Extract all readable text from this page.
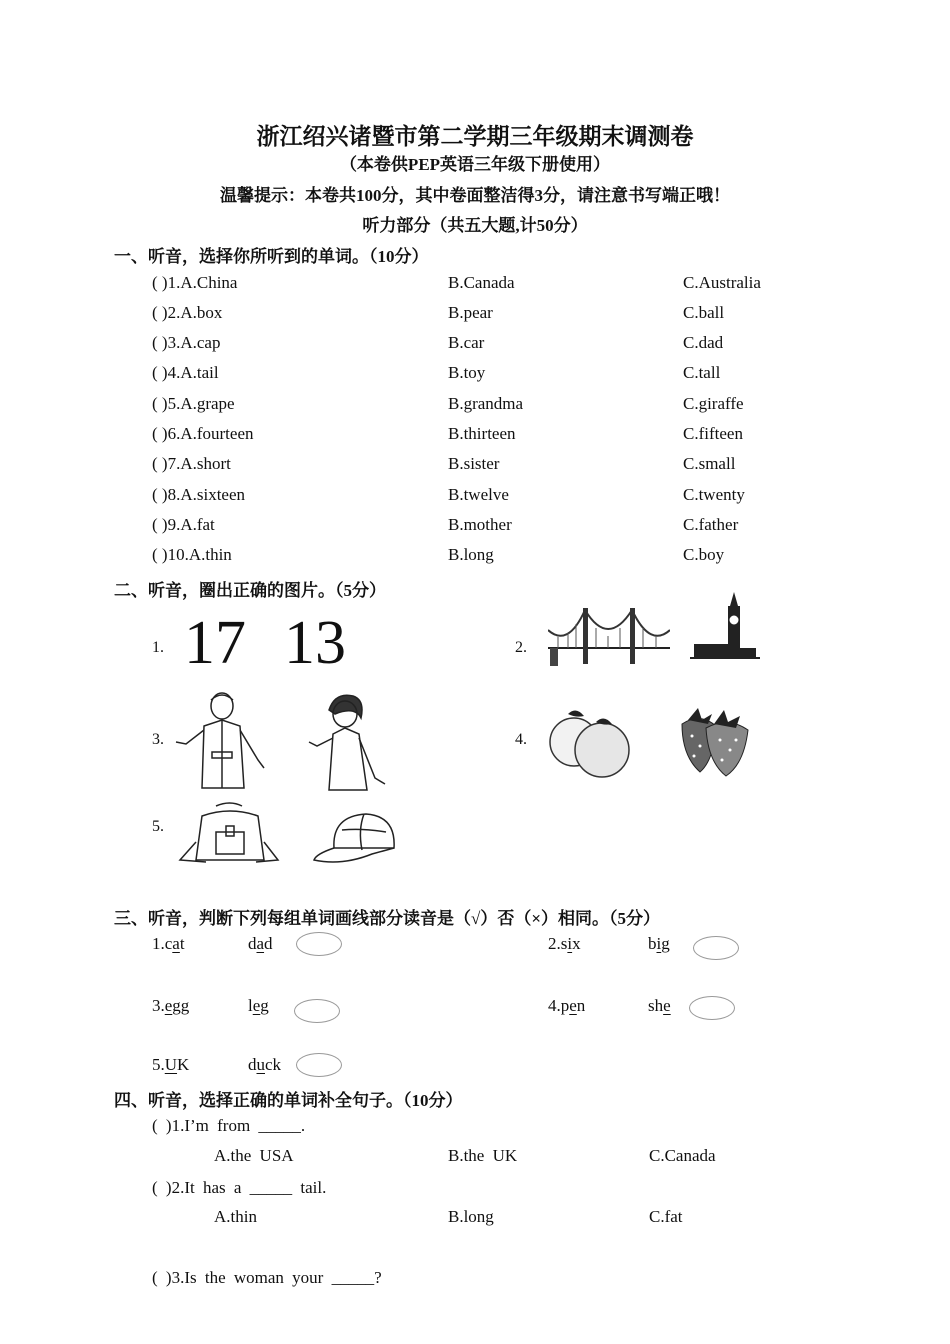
浙江绍兴诸暨市第二学期三年级期末调测卷
（本卷供PEP英语三年级下册使用）
温馨提示：本卷共100分，其中卷面整洁得3分，请注意书写端正哦！
听力部分（共五大题,计50分）
一、听音，选择你所听到的单词。（10分）
( )1.A.China	B.Canada	C.Australia
( )2.A.box	B.pear	C.ball
( )3.A.cap	B.car	C.dad
( )4.A.tail	B.toy	C.tall
( )5.A.grape	B.grandma	C.giraffe
( )6.A.fourteen	B.thirteen	C.fifteen
( )7.A.short	B.sister	C.small
( )8.A.sixteen	B.twelve	C.twenty
( )9.A.fat	B.mother	C.father
( )10.A.thin	B.long	C.boy
二、听音，圈出正确的图片。（5分）
1. 17 13	2.
3.	4.
5.
三、听音，判断下列每组单词画线部分读音是（√）否（×）相同。（5分）
1.cat	dad	2.six	big
3.egg	leg	4.pen	she
5.UK	duck
四、听音，选择正确的单词补全句子。（10分）
( )1.I’m from _____.
A.the USA	B.the UK	C.Canada
( )2.It has a _____ tail.
A.thin	B.long	C.fat
( )3.Is the woman your _____?
